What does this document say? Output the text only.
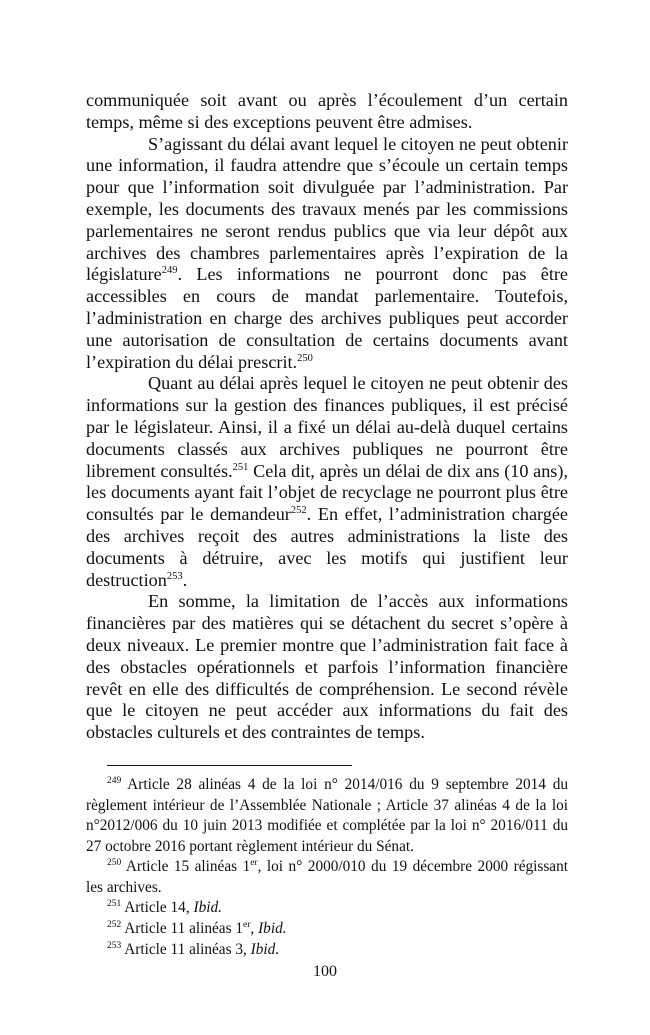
communiquée soit avant ou après l’écoulement d’un certain temps, même si des exceptions peuvent être admises.

S’agissant du délai avant lequel le citoyen ne peut obtenir une information, il faudra attendre que s’écoule un certain temps pour que l’information soit divulguée par l’administration. Par exemple, les documents des travaux menés par les commissions parlementaires ne seront rendus publics que via leur dépôt aux archives des chambres parlementaires après l’expiration de la législature$^{249}$. Les informations ne pourront donc pas être accessibles en cours de mandat parlementaire. Toutefois, l’administration en charge des archives publiques peut accorder une autorisation de consultation de certains documents avant l’expiration du délai prescrit.$^{250}$

Quant au délai après lequel le citoyen ne peut obtenir des informations sur la gestion des finances publiques, il est précisé par le législateur. Ainsi, il a fixé un délai au-delà duquel certains documents classés aux archives publiques ne pourront être librement consultés.$^{251}$ Cela dit, après un délai de dix ans (10 ans), les documents ayant fait l’objet de recyclage ne pourront plus être consultés par le demandeur$^{252}$. En effet, l’administration chargée des archives reçoit des autres administrations la liste des documents à détruire, avec les motifs qui justifient leur destruction$^{253}$.

En somme, la limitation de l’accès aux informations financières par des matières qui se détachent du secret s’opère à deux niveaux. Le premier montre que l’administration fait face à des obstacles opérationnels et parfois l’information financière revêt en elle des difficultés de compréhension. Le second révèle que le citoyen ne peut accéder aux informations du fait des obstacles culturels et des contraintes de temps.

$^{249}$ Article 28 alinéas 4 de la loi n° 2014/016 du 9 septembre 2014 du règlement intérieur de l’Assemblée Nationale ; Article 37 alinéas 4 de la loi n°2012/006 du 10 juin 2013 modifiée et complétée par la loi n° 2016/011 du 27 octobre 2016 portant règlement intérieur du Sénat.

$^{250}$ Article 15 alinéas 1er, loi n° 2000/010 du 19 décembre 2000 régissant les archives.

$^{251}$ Article 14, Ibid.

$^{252}$ Article 11 alinéas 1er, Ibid.

$^{253}$ Article 11 alinéas 3, Ibid.

100
